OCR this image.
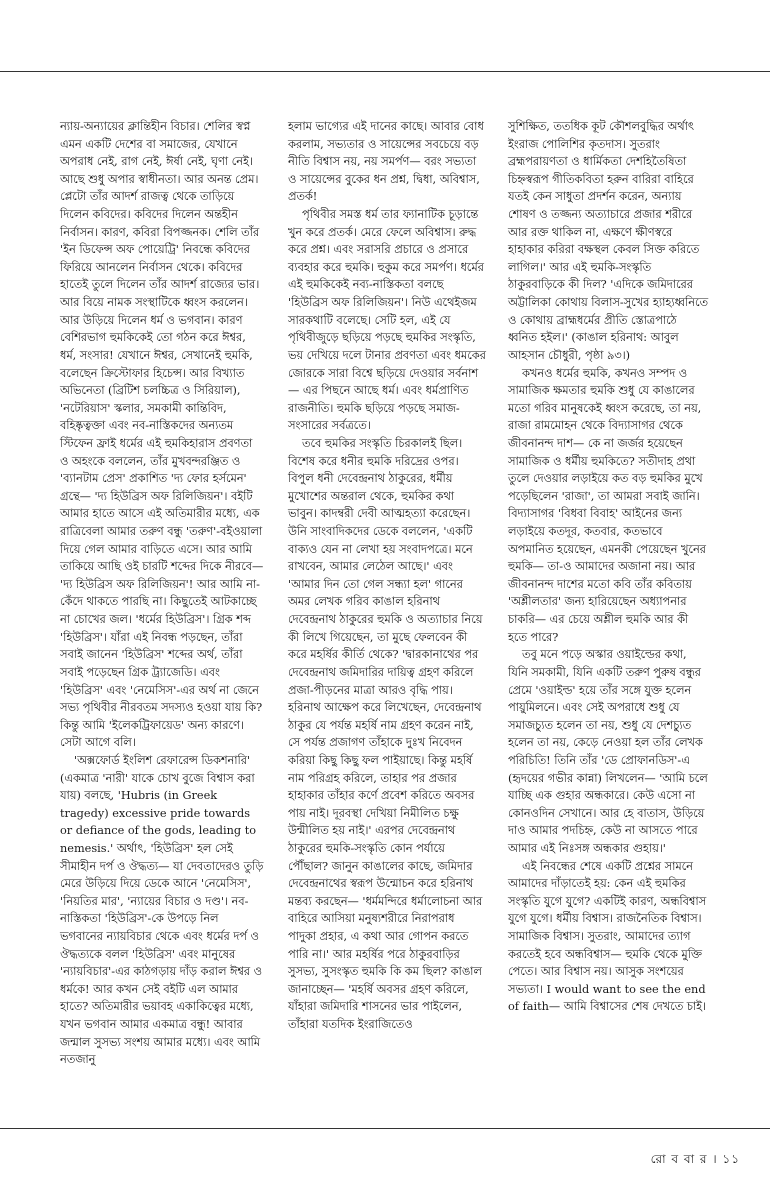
ন্যায়-অন্যায়ের ক্লান্তিহীন বিচার। শেলির স্বপ্ন এমন একটি দেশের বা সমাজের, যেখানে অপরাধ নেই, রাগ নেই, ঈর্ষা নেই, ঘৃণা নেই। আছে শুধু অপার স্বাধীনতা। আর অনন্ত প্রেম। প্লেটো তাঁর আদর্শ রাজত্ব থেকে তাড়িয়ে দিলেন কবিদের। কবিদের দিলেন অন্তহীন নির্বাসন। কারণ, কবিরা বিপজ্জনক। শেলি তাঁর 'ইন ডিফেন্স অফ পোয়েট্রি' নিবন্ধে কবিদের ফিরিয়ে আনলেন নির্বাসন থেকে। কবিদের হাতেই তুলে দিলেন তাঁর আদর্শ রাজ্যের ভার। আর বিয়ে নামক সংস্থাটিকে ধ্বংস করলেন। আর উড়িয়ে দিলেন ধর্ম ও ভগবান। কারণ বেশিরভাগ হুমকিকেই তো গঠন করে ঈশ্বর, ধর্ম, সংসার! যেখানে ঈশ্বর, সেখানেই হুমকি, বলেছেন ক্রিস্টোফার হিচেন্স। আর বিখ্যাত অভিনেতা (ব্রিটিশ চলচ্চিত্র ও সিরিয়াল), 'নটেরিয়াস' স্কলার, সমকামী কান্তিবিদ, বহিষ্কৃত্বক্তা এবং নব-নাস্তিকদের অন্যতম স্টিফেন ফ্রাই ধর্মের এই হুমকিহারাস প্রবণতা ও অহংকে বললেন, তাঁর মুখবন্দরঞ্জিত ও 'ব্যানটাম প্রেস' প্রকাশিত 'দ্য ফোর হর্সমেন' গ্রন্থে— 'দ্য হিউব্রিস অফ রিলিজিয়ন'। বইটি আমার হাতে আসে এই অতিমারীর মধ্যে, এক রাত্রিবেলা আমার তরুণ বন্ধু 'তরুণ'-বইওয়ালা দিয়ে গেল আমার বাড়িতে এসে। আর আমি তাকিয়ে আছি ওই চারটি শব্দের দিকে নীরবে— 'দ্য হিউব্রিস অফ রিলিজিয়ন'! আর আমি না-কেঁদে থাকতে পারছি না। কিছুতেই আটকাচ্ছে না চোখের জল। 'ধর্মের হিউব্রিস'। গ্রিক শব্দ 'হিউব্রিস'। যাঁরা এই নিবন্ধ পড়ছেন, তাঁরা সবাই জানেন 'হিউব্রিস' শব্দের অর্থ, তাঁরা সবাই পড়েছেন গ্রিক ট্র্যাজেডি। এবং 'হিউব্রিস' এবং 'নেমেসিস'-এর অর্থ না জেনে সভ্য পৃথিবীর নীরবতম সদস্যও হওয়া যায় কি? কিন্তু আমি 'ইলেকট্রিফায়েড' অন্য কারণে। সেটা আগে বলি।

'অক্সফোর্ড ইংলিশ রেফারেন্স ডিকশনারি' (একমাত্র 'নারী' যাকে চোখ বুজে বিশ্বাস করা যায়) বলছে, 'Hubris (in Greek tragedy) excessive pride towards or defiance of the gods, leading to nemesis.' অর্থাৎ, 'হিউব্রিস' হল সেই সীমাহীন দর্প ও ঔদ্ধত্য— যা দেবতাদেরও তুড়ি মেরে উড়িয়ে দিয়ে ডেকে আনে 'নেমেসিস', 'নিয়তির মার', 'ন্যায়ের বিচার ও দণ্ড'। নব-নাস্তিকতা 'হিউব্রিস'-কে উপড়ে নিল ভগবানের ন্যায়বিচার থেকে এবং ধর্মের দর্প ও ঔদ্ধত্যকে বলল 'হিউব্রিস' এবং মানুষের 'ন্যায়বিচার'-এর কাঠগড়ায় দাঁড় করাল ঈশ্বর ও ধর্মকে! আর কখন সেই বইটি এল আমার হাতে? অতিমারীর ভয়াবহ একাকিত্বের মধ্যে, যখন ভগবান আমার একমাত্র বন্ধু! আবার জন্মাল সুসভ্য সংশয় আমার মধ্যে। এবং আমি নতজানু

হলাম ভাগ্যের এই দানের কাছে। আবার বোধ করলাম, সভ্যতার ও সায়েন্সের সবচেয়ে বড় নীতি বিশ্বাস নয়, নয় সমর্পণ— বরং সভ্যতা ও সায়েন্সের বুকের ধন প্রশ্ন, দ্বিধা, অবিশ্বাস, প্রতর্ক!

পৃথিবীর সমস্ত ধর্ম তার ফ্যানাটিক চূড়ান্তে খুন করে প্রতর্ক। মেরে ফেলে অবিশ্বাস। রুদ্ধ করে প্রশ্ন। এবং সরাসরি প্রচারে ও প্রসারে ব্যবহার করে হুমকি। হুকুম করে সমর্পণ। ধর্মের এই হুমকিকেই নব্য-নাস্তিকতা বলছে 'হিউব্রিস অফ রিলিজিয়ন'। নিউ এথেইজম সারকথাটি বলেছে। সেটি হল, এই যে পৃথিবীজুড়ে ছড়িয়ে পড়ছে হুমকির সংস্কৃতি, ভয় দেখিয়ে দলে টানার প্রবণতা এবং ধমকের জোরকে সারা বিশ্বে ছড়িয়ে দেওয়ার সর্বনাশ— এর পিছনে আছে ধর্ম। এবং ধর্মপ্রাণিত রাজনীতি। হুমকি ছড়িয়ে পড়ছে সমাজ-সংসারের সর্বত্রতে।

তবে হুমকির সংস্কৃতি চিরকালই ছিল। বিশেষ করে ধনীর হুমকি দরিদ্রের ওপর। বিপুল ধনী দেবেন্দ্রনাথ ঠাকুরের, ধর্মীয় মুখোশের অন্তরাল থেকে, হুমকির কথা ভাবুন। কাদম্বরী দেবী আত্মহত্যা করেছেন। উনি সাংবাদিকদের ডেকে বললেন, 'একটি বাক্যও যেন না লেখা হয় সংবাদপত্রে। মনে রাখবেন, আমার লেঠেল আছে।' এবং 'আমার দিন তো গেল সন্ধ্যা হল' গানের অমর লেখক গরিব কাঙাল হরিনাথ দেবেন্দ্রনাথ ঠাকুরের হুমকি ও অত্যাচার নিয়ে কী লিখে গিয়েছেন, তা মুছে ফেলবেন কী করে মহর্ষির কীর্তি থেকে? 'দ্বারকানাথের পর দেবেন্দ্রনাথ জমিদারির দায়িত্ব গ্রহণ করিলে প্রজা-পীড়নের মাত্রা আরও বৃদ্ধি পায়। হরিনাথ আক্ষেপ করে লিখেছেন, দেবেন্দ্রনাথ ঠাকুর যে পর্যন্ত মহর্ষি নাম গ্রহণ করেন নাই, সে পর্যন্ত প্রজাগণ তাঁহাকে দুঃখ নিবেদন করিয়া কিছু কিছু ফল পাইয়াছে। কিন্তু মহর্ষি নাম পরিগ্রহ করিলে, তাহার পর প্রজার হাহাকার তাঁহার কর্ণে প্রবেশ করিতে অবসর পায় নাই। দূরবস্থা দেখিয়া নিমীলিত চক্ষু উন্মীলিত হয় নাই।' এরপর দেবেন্দ্রনাথ ঠাকুরের হুমকি-সংস্কৃতি কোন পর্যায়ে পৌঁছাল? জানুন কাঙালের কাছে, জমিদার দেবেন্দ্রনাথের স্বরূপ উন্মোচন করে হরিনাথ মন্তব্য করছেন— 'ধর্মমন্দিরে ধর্মালোচনা আর বাহিরে আসিয়া মনুষ্যশরীরে নিরাপরাধ পাদুকা প্রহার, এ কথা আর গোপন করতে পারি না।' আর মহর্ষির পরে ঠাকুরবাড়ির সুসভ্য, সুসংস্কৃত হুমকি কি কম ছিল? কাঙাল জানাচ্ছেন— 'মহর্ষি অবসর গ্রহণ করিলে, যাঁহারা জমিদারি শাসনের ভার পাইলেন, তাঁহারা যতদিক ইংরাজিতেও

সুশিক্ষিত, ততধিক কূট কৌশলবুদ্ধির অর্থাৎ ইংরাজ পোলিশির কৃতদাস। সুতরাং ব্রহ্মপরায়ণতা ও ধার্মিকতা দেশহিতৈষিতা চিহ্নস্বরূপ গীতিকবিতা হরুন বারিরা বাহিরে যতই কেন সাধুতা প্রদর্শন করেন, অন্যায় শোষণ ও তজ্জন্য অত্যাচারে প্রজার শরীরে আর রক্ত থাকিল না, এক্ষণে ক্ষীণস্বরে হাহাকার করিরা বক্ষস্থল কেবল সিক্ত করিতে লাগিল।' আর এই হুমকি-সংস্কৃতি ঠাকুরবাড়িকে কী দিল? 'এদিকে জমিদারের অট্টালিকা কোথায় বিলাস-সুখের হ্যাহ্যধ্বনিতে ও কোথায় ব্রাহ্মধর্মের প্রীতি স্তোত্রপাঠে ধ্বনিত হইল।' (কাঙাল হরিনাথ: আবুল আহসান চৌধুরী, পৃষ্ঠা ৯৩।)

কখনও ধর্মের হুমকি, কখনও সম্পদ ও সামাজিক ক্ষমতার হুমকি শুধু যে কাঙালের মতো গরিব মানুষকেই ধ্বংস করেছে, তা নয়, রাজা রামমোহন থেকে বিদ্যাসাগর থেকে জীবনানন্দ দাশ— কে না জর্জর হয়েছেন সামাজিক ও ধর্মীয় হুমকিতে? সতীদাহ প্রথা তুলে দেওয়ার লড়াইয়ে কত বড় হুমকির মুখে পড়েছিলেন 'রাজা', তা আমরা সবাই জানি। বিদ্যাসাগর 'বিধবা বিবাহ' আইনের জন্য লড়াইয়ে কতদূর, কতবার, কতভাবে অপমানিত হয়েছেন, এমনকী পেয়েছেন খুনের হুমকি— তা-ও আমাদের অজানা নয়। আর জীবনানন্দ দাশের মতো কবি তাঁর কবিতায় 'অশ্লীলতার' জন্য হারিয়েছেন অধ্যাপনার চাকরি— এর চেয়ে অশ্লীল হুমকি আর কী হতে পারে?

তবু মনে পড়ে অস্কার ওয়াইল্ডের কথা, যিনি সমকামী, যিনি একটি তরুণ পুরুষ বন্ধুর প্রেমে 'ওয়াইল্ড' হয়ে তাঁর সঙ্গে যুক্ত হলেন পায়ুমিলনে। এবং সেই অপরাধে শুধু যে সমাজচ্যুত হলেন তা নয়, শুধু যে দেশচ্যুত হলেন তা নয়, কেড়ে নেওয়া হল তাঁর লেখক পরিচিতি! তিনি তাঁর 'ডে প্রোফানডিস'-এ (হৃদয়ের গভীর কান্না) লিখলেন— 'আমি চলে যাচ্ছি এক গুহার অন্ধকারে। কেউ এসো না কোনওদিন সেখানে। আর হে বাতাস, উড়িয়ে দাও আমার পদচিহ্ন, কেউ না আসতে পারে আমার এই নিঃসঙ্গ অন্ধকার গুহায়।'

এই নিবন্ধের শেষে একটি প্রশ্নের সামনে আমাদের দাঁড়াতেই হয়: কেন এই হুমকির সংস্কৃতি যুগে যুগে? একটিই কারণ, অন্ধবিশ্বাস যুগে যুগে। ধর্মীয় বিশ্বাস। রাজনৈতিক বিশ্বাস। সামাজিক বিশ্বাস। সুতরাং, আমাদের ত্যাগ করতেই হবে অন্ধবিশ্বাস— হুমকি থেকে মুক্তি পেতে। আর বিশ্বাস নয়। আসুক সংশয়ের সভ্যতা। I would want to see the end of faith— আমি বিশ্বাসের শেষ দেখতে চাই।

রো ব বা র । ১১
